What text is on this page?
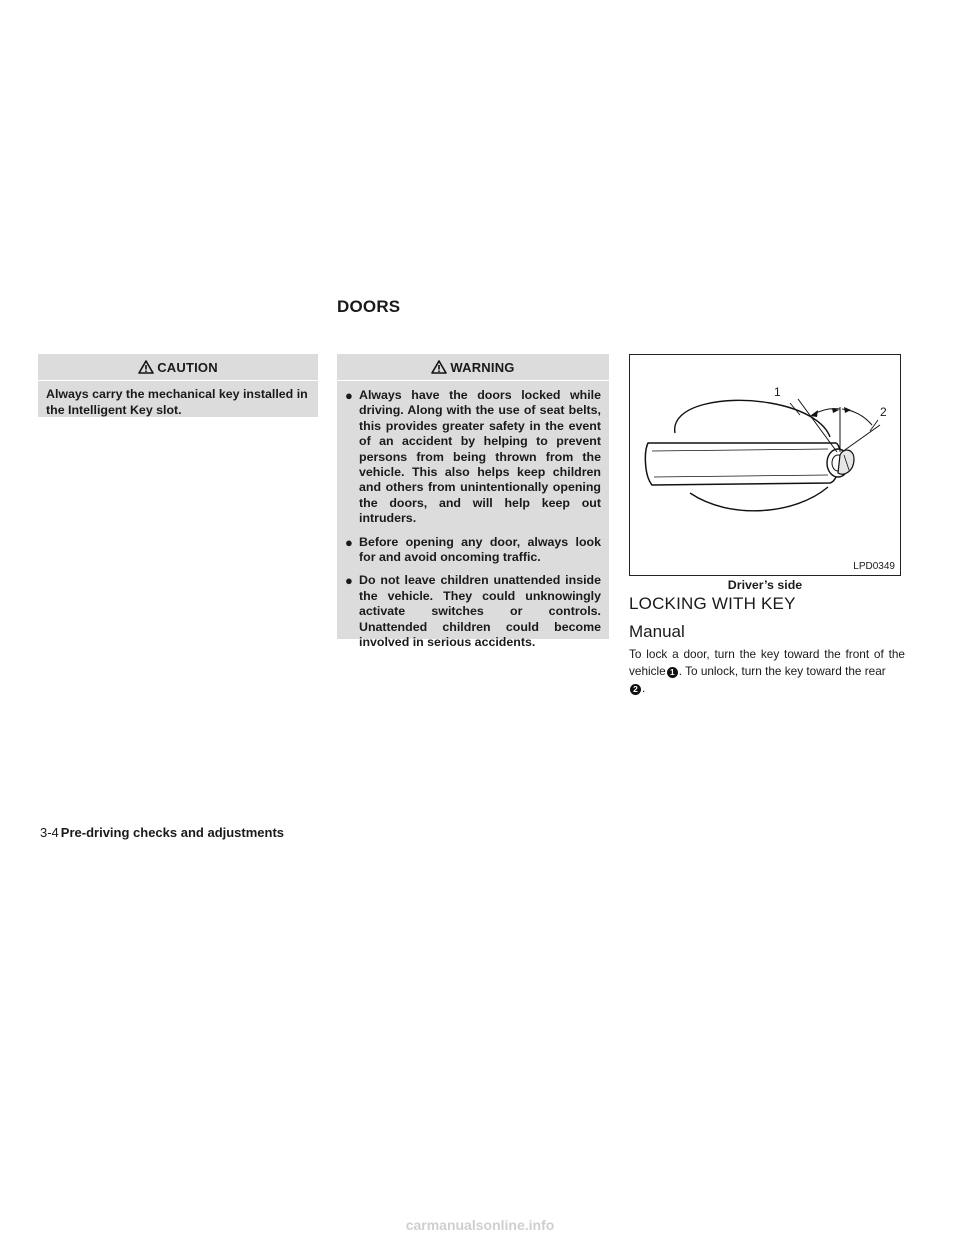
DOORS
CAUTION
Always carry the mechanical key installed in the Intelligent Key slot.
WARNING
● Always have the doors locked while driving. Along with the use of seat belts, this provides greater safety in the event of an accident by helping to prevent persons from being thrown from the vehicle. This also helps keep children and others from unintentionally opening the doors, and will help keep out intruders.
● Before opening any door, always look for and avoid oncoming traffic.
● Do not leave children unattended inside the vehicle. They could unknowingly activate switches or controls. Unattended children could become involved in serious accidents.
1
2
LPD0349
Driver’s side
LOCKING WITH KEY
Manual
To lock a door, turn the key toward the front of the vehicle 1 . To unlock, turn the key toward the rear
2 .
3-4 Pre-driving checks and adjustments
carmanualsonline.info
